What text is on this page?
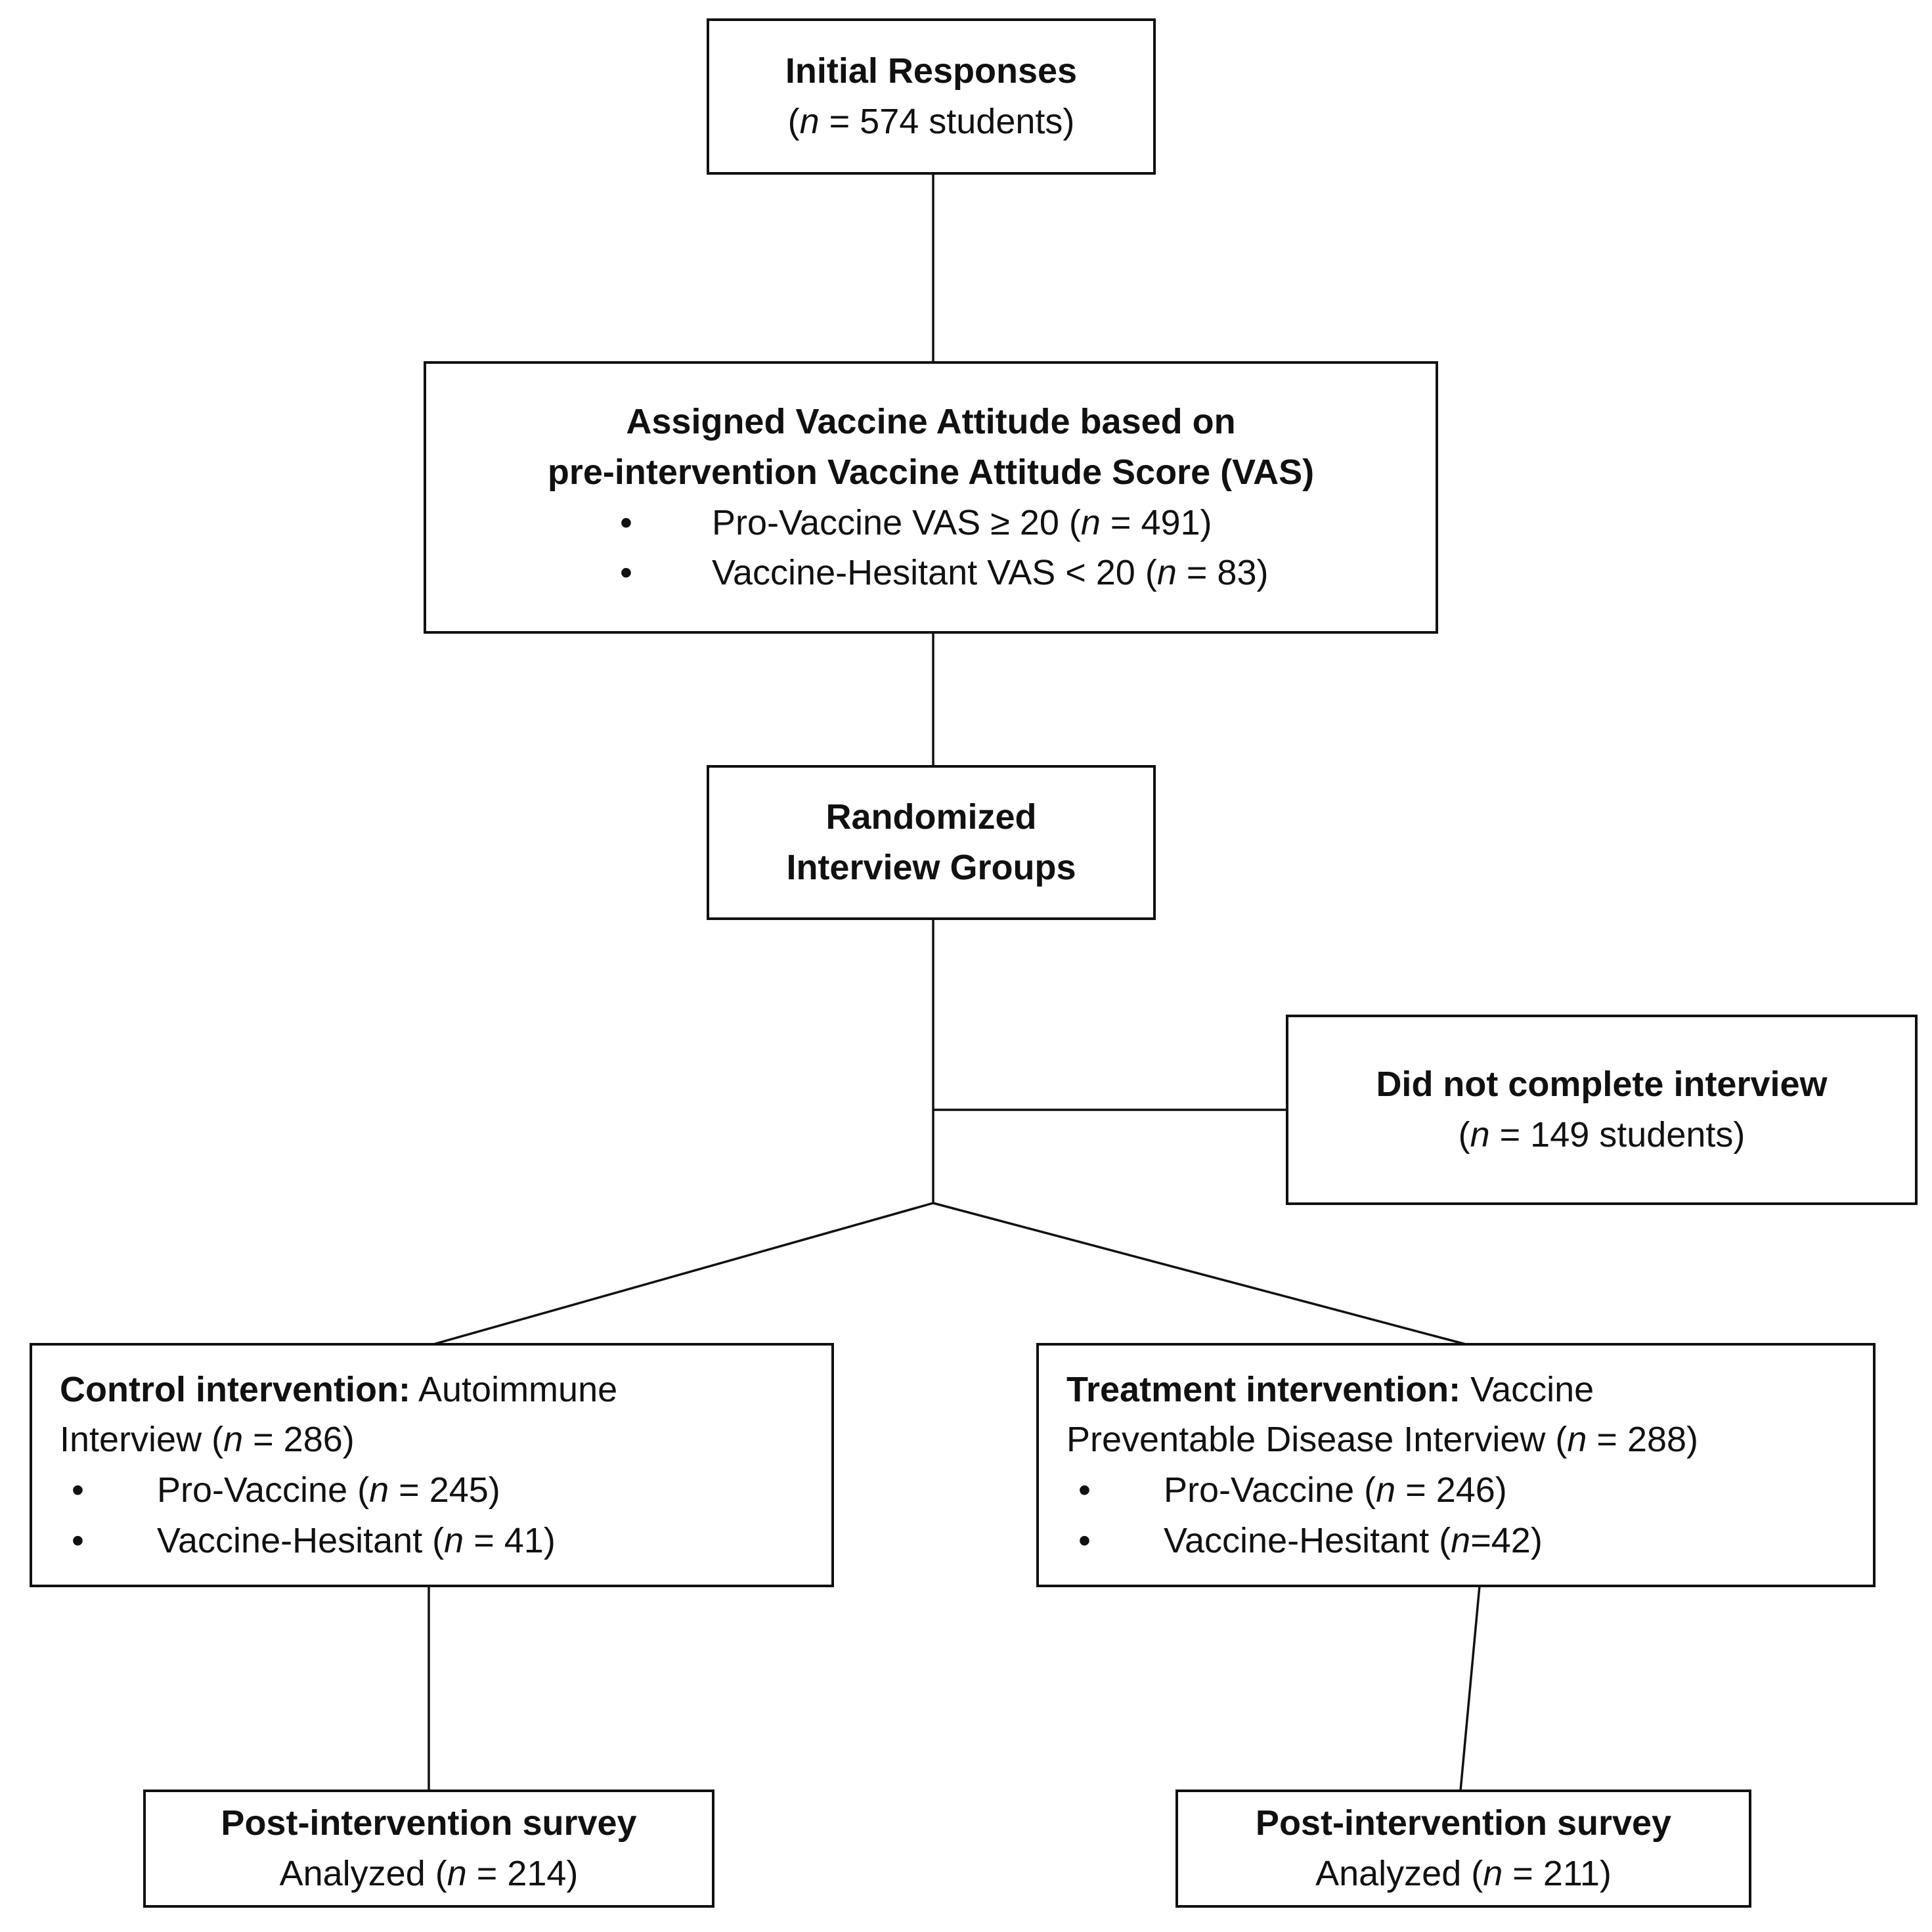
Initial Responses
(n = 574 students)
Assigned Vaccine Attitude based on
pre-intervention Vaccine Attitude Score (VAS)
•	Pro-Vaccine VAS ≥ 20 (n = 491)
•	Vaccine-Hesitant VAS < 20 (n = 83)
Randomized
Interview Groups
Did not complete interview
(n = 149 students)
Control intervention: Autoimmune
Interview (n = 286)
•	Pro-Vaccine (n = 245)
•	Vaccine-Hesitant (n = 41)
Treatment intervention: Vaccine
Preventable Disease Interview (n = 288)
•	Pro-Vaccine (n = 246)
•	Vaccine-Hesitant (n=42)
Post-intervention survey
Analyzed (n = 214)
Post-intervention survey
Analyzed (n = 211)
